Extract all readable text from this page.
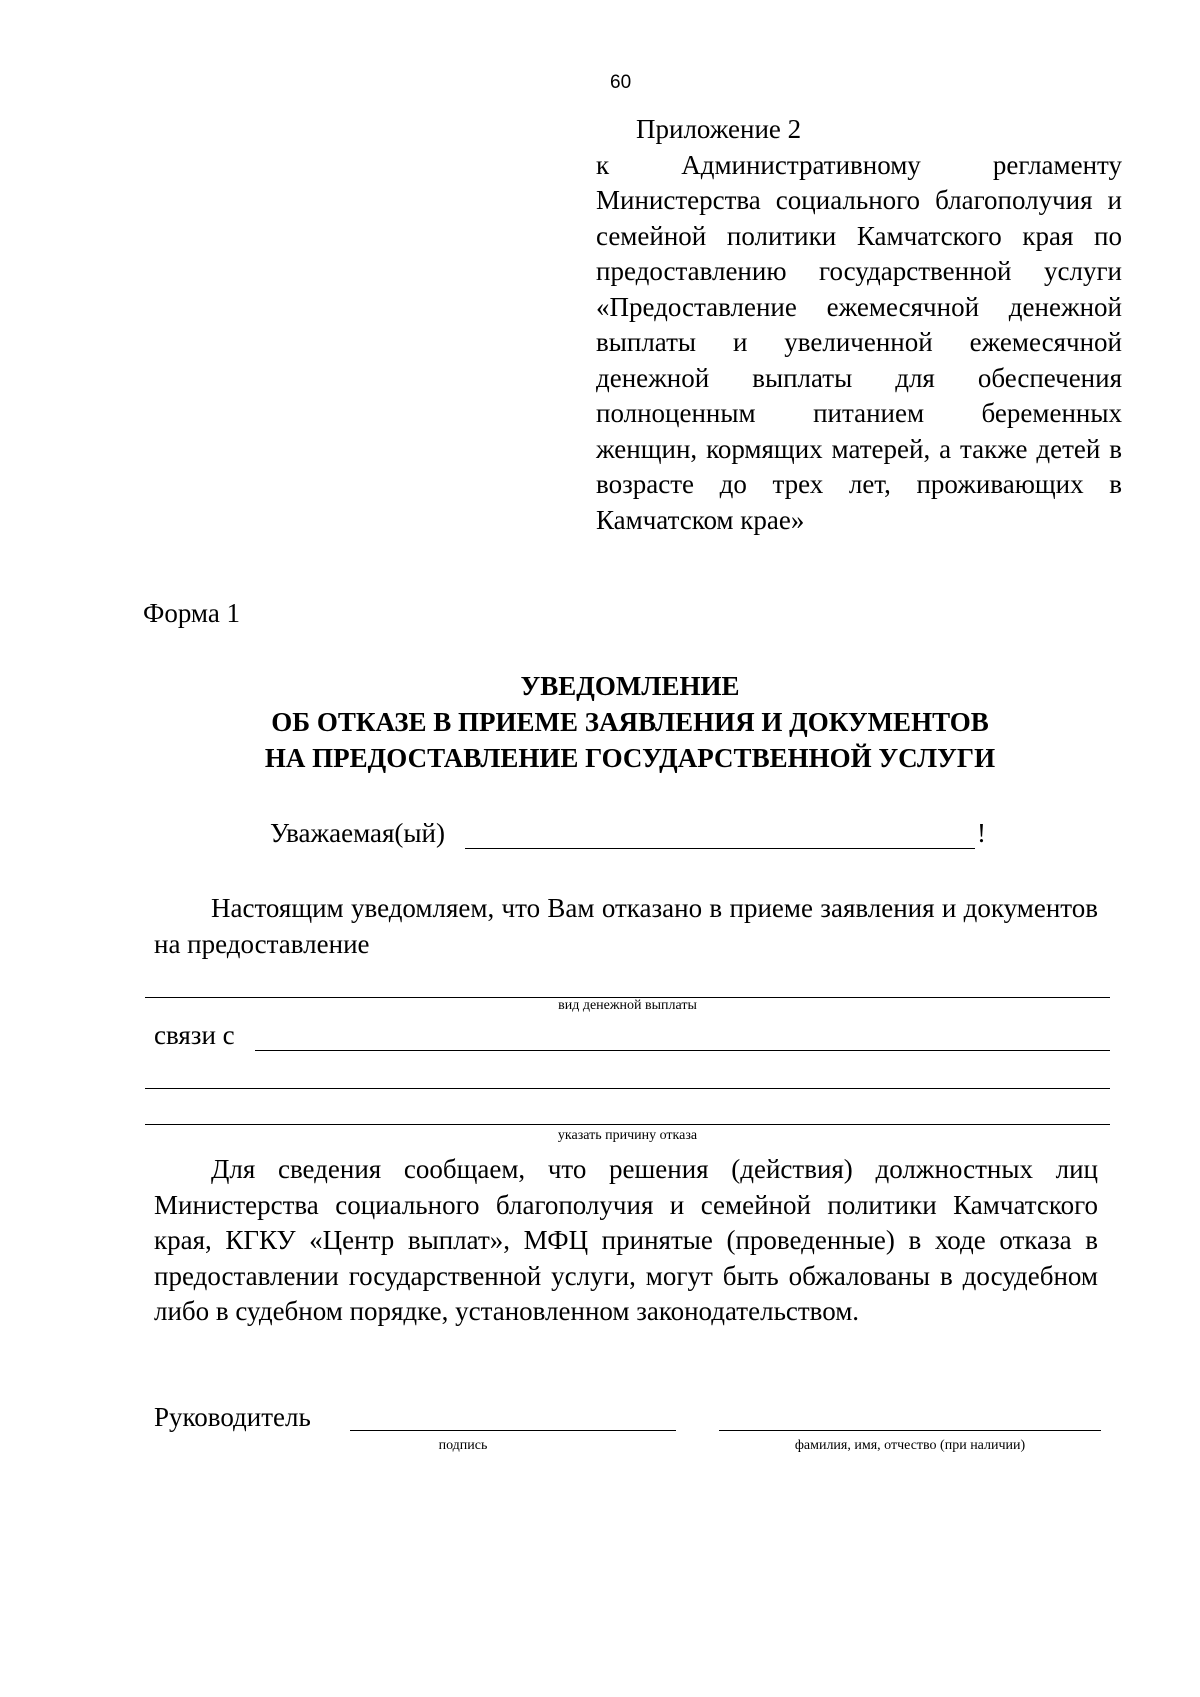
60
Приложение 2
к Административному регламенту Министерства социального благополучия и семейной политики Камчатского края по предоставлению государственной услуги «Предоставление ежемесячной денежной выплаты и увеличенной ежемесячной денежной выплаты для обеспечения полноценным питанием беременных женщин, кормящих матерей, а также детей в возрасте до трех лет, проживающих в Камчатском крае»
Форма 1
УВЕДОМЛЕНИЕ
ОБ ОТКАЗЕ В ПРИЕМЕ ЗАЯВЛЕНИЯ И ДОКУМЕНТОВ
НА ПРЕДОСТАВЛЕНИЕ ГОСУДАРСТВЕННОЙ УСЛУГИ
Уважаемая(ый)	!
Настоящим уведомляем, что Вам отказано в приеме заявления и документов на предоставление
вид денежной выплаты
связи с
указать причину отказа
Для сведения сообщаем, что решения (действия) должностных лиц Министерства социального благополучия и семейной политики Камчатского края, КГКУ «Центр выплат», МФЦ принятые (проведенные) в ходе отказа в предоставлении государственной услуги, могут быть обжалованы в досудебном либо в судебном порядке, установленном законодательством.
Руководитель
подпись	фамилия, имя, отчество (при наличии)
